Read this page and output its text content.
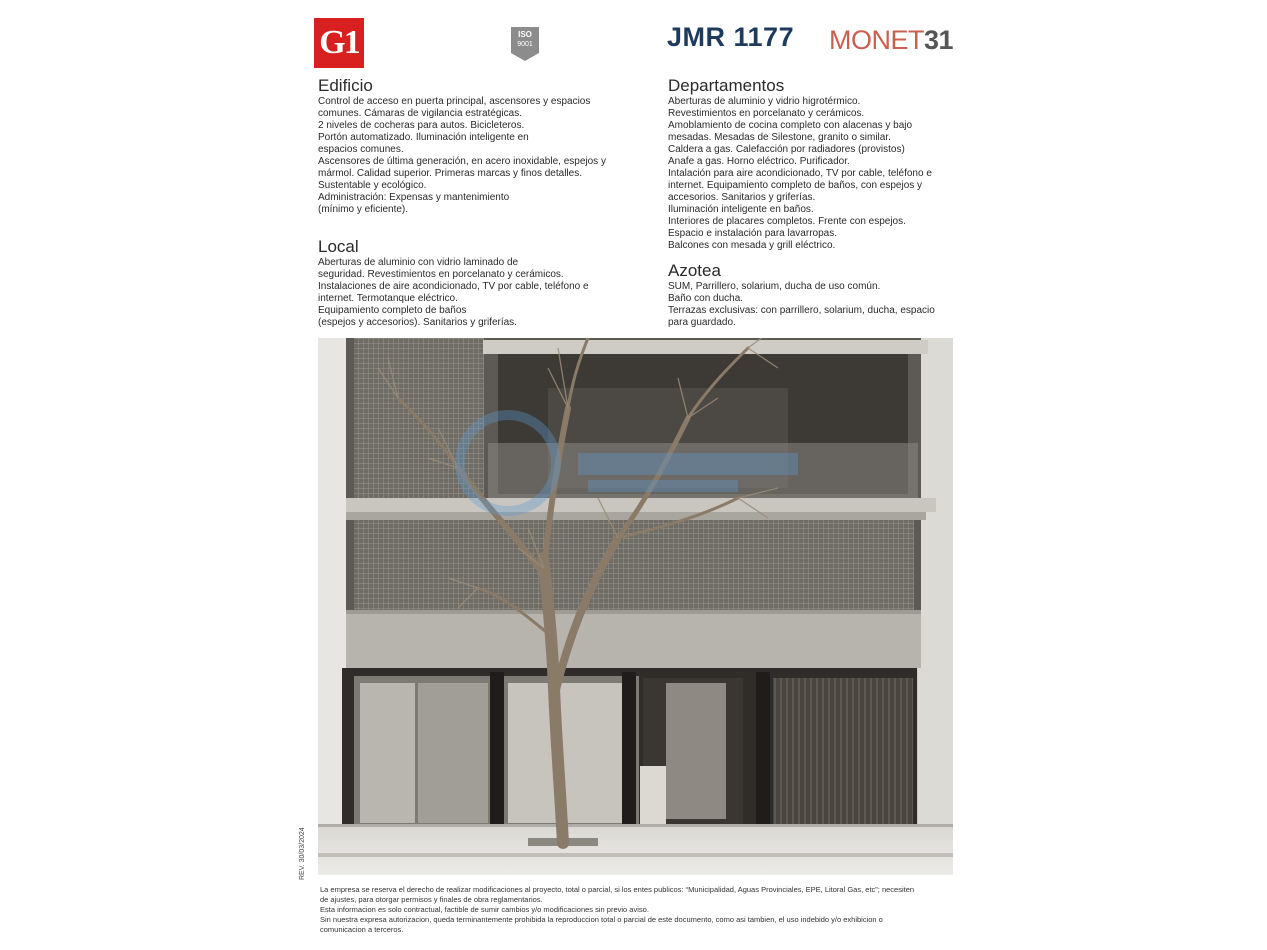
G1	ISO
9001	JMR 1177 MONET31
Edificio
Control de acceso en puerta principal, ascensores y espacios
comunes. Cámaras de vigilancia estratégicas.
2 niveles de cocheras para autos. Bicicleteros.
Portón automatizado. Iluminación inteligente en
espacios comunes.
Ascensores de última generación, en acero inoxidable, espejos y
mármol. Calidad superior. Primeras marcas y finos detalles.
Sustentable y ecológico.
Administración: Expensas y mantenimiento
(mínimo y eficiente).
Local
Aberturas de aluminio con vidrio laminado de
seguridad. Revestimientos en porcelanato y cerámicos.
Instalaciones de aire acondicionado, TV por cable, teléfono e
internet. Termotanque eléctrico.
Equipamiento completo de baños
(espejos y accesorios). Sanitarios y griferías.
Departamentos
Aberturas de aluminio y vidrio higrotérmico.
Revestimientos en porcelanato y cerámicos.
Amoblamiento de cocina completo con alacenas y bajo
mesadas. Mesadas de Silestone, granito o similar.
Caldera a gas. Calefacción por radiadores (provistos)
Anafe a gas. Horno eléctrico. Purificador.
Intalación para aire acondicionado, TV por cable, teléfono e
internet. Equipamiento completo de baños, con espejos y
accesorios. Sanitarios y griferías.
Iluminación inteligente en baños.
Interiores de placares completos. Frente con espejos.
Espacio e instalación para lavarropas.
Balcones con mesada y grill eléctrico.
Azotea
SUM, Parrillero, solarium, ducha de uso común.
Baño con ducha.
Terrazas exclusivas: con parrillero, solarium, ducha, espacio
para guardado.
REV. 30/03/2024
La empresa se reserva el derecho de realizar modificaciones al proyecto, total o parcial, si los entes publicos: “Municipalidad, Aguas Provinciales, EPE, Litoral Gas, etc”; necesiten
de ajustes, para otorgar permisos y finales de obra reglamentarios.
Esta informacion es solo contractual, factible de sumir cambios y/o modificaciones sin previo aviso.
Sin nuestra expresa autorizacion, queda terminantemente prohibida la reproduccion total o parcial de este documento, como asi tambien, el uso indebido y/o exhibicion o
comunicacion a terceros.
